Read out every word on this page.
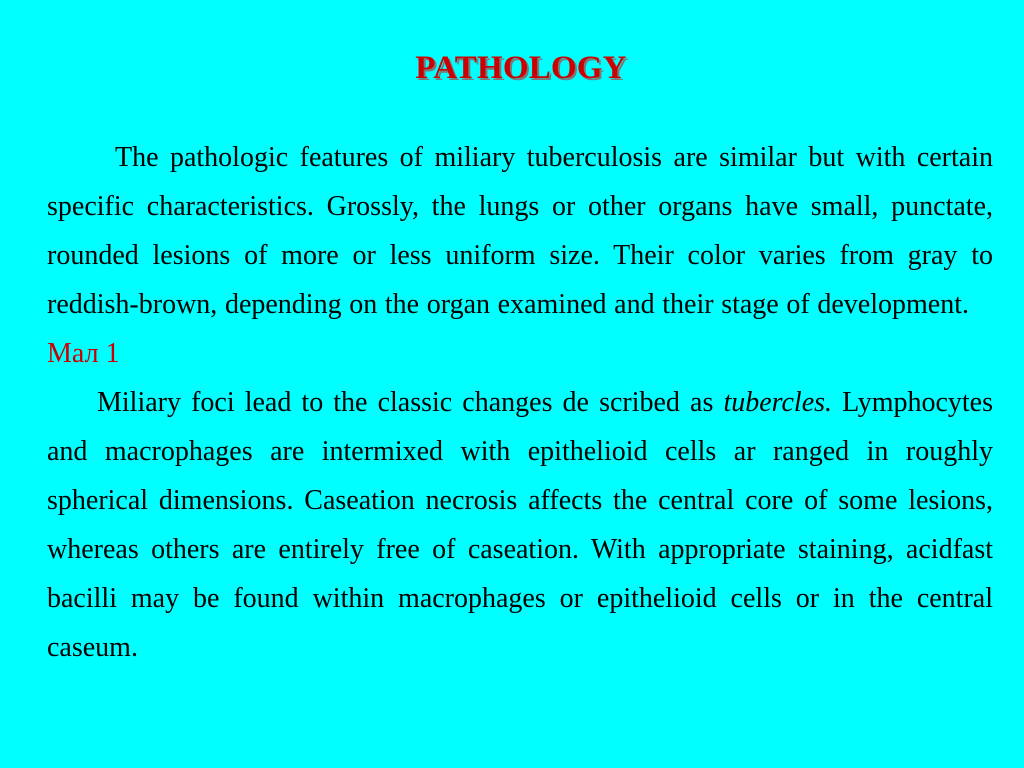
PATHOLOGY

The pathologic features of miliary tuberculosis are similar but with certain specific characteristics. Grossly, the lungs or other organs have small, punctate, rounded lesions of more or less uniform size. Their color varies from gray to reddish-brown, depending on the organ examined and their stage of development.Мал 1

Miliary foci lead to the classic changes de scribed as tubercles. Lymphocytes and macrophages are intermixed with epithelioid cells ar ranged in roughly spherical dimensions. Caseation necrosis affects the central core of some lesions, whereas others are entirely free of caseation. With appropriate staining, acidfast bacilli may be found within macrophages or epithelioid cells or in the central caseum.
